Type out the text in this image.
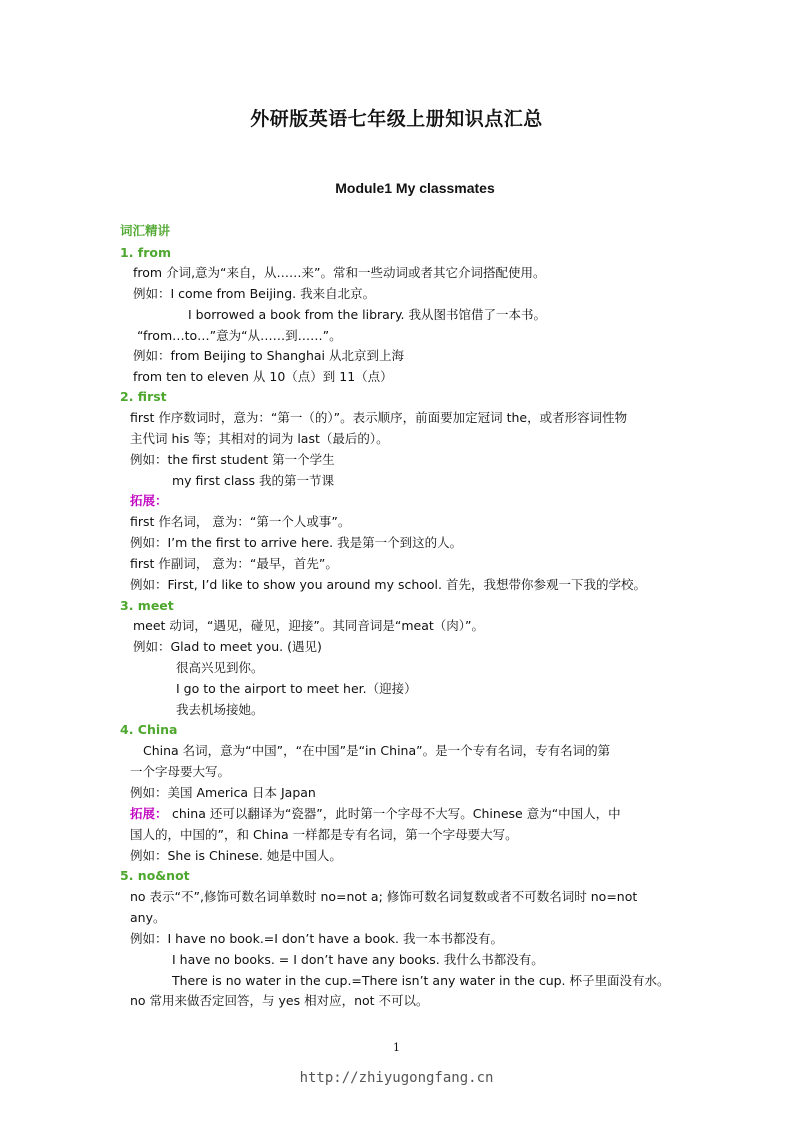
外研版英语七年级上册知识点汇总
Module1 My classmates
词汇精讲
1. from
from 介词,意为“来自，从……来”。常和一些动词或者其它介词搭配使用。
例如：I come from Beijing. 我来自北京。
I borrowed a book from the library. 我从图书馆借了一本书。
“from…to…”意为“从……到……”。
例如：from Beijing to Shanghai 从北京到上海
from ten to eleven 从 10（点）到 11（点）
2. first
first 作序数词时，意为：“第一（的）”。表示顺序，前面要加定冠词 the，或者形容词性物
主代词 his 等；其相对的词为 last（最后的）。
例如：the first student 第一个学生
my first class 我的第一节课
拓展：
first 作名词， 意为：“第一个人或事”。
例如：I’m the first to arrive here. 我是第一个到这的人。
first 作副词， 意为：“最早，首先”。
例如：First, I’d like to show you around my school. 首先，我想带你参观一下我的学校。
3. meet
meet 动词，“遇见，碰见，迎接”。其同音词是“meat（肉）”。
例如：Glad to meet you. (遇见)
很高兴见到你。
I go to the airport to meet her.（迎接）
我去机场接她。
4. China
China 名词，意为“中国”，“在中国”是“in China”。是一个专有名词，专有名词的第
一个字母要大写。
例如：美国 America 日本 Japan
拓展： china 还可以翻译为“瓷器”，此时第一个字母不大写。Chinese 意为“中国人，中
国人的，中国的”，和 China 一样都是专有名词，第一个字母要大写。
例如：She is Chinese. 她是中国人。
5. no&not
no 表示“不”,修饰可数名词单数时 no=not a; 修饰可数名词复数或者不可数名词时 no=not
any。
例如：I have no book.=I don’t have a book. 我一本书都没有。
I have no books. = I don’t have any books. 我什么书都没有。
There is no water in the cup.=There isn’t any water in the cup. 杯子里面没有水。
no 常用来做否定回答，与 yes 相对应，not 不可以。
1
http://zhiyugongfang.cn
